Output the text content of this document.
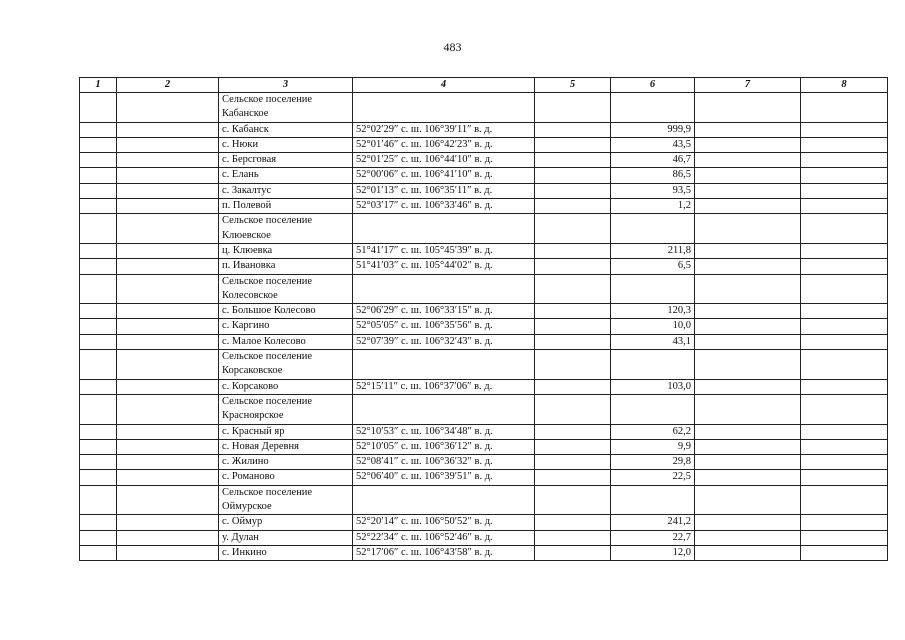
483
1	2	3	4	5	6	7	8
		Сельское поселение Кабанское					
		с. Кабанск	52°02′29″ с. ш. 106°39′11″ в. д.		999,9		
		с. Нюки	52°01′46″ с. ш. 106°42′23″ в. д.		43,5		
		с. Берсговая	52°01′25″ с. ш. 106°44′10″ в. д.		46,7		
		с. Елань	52°00′06″ с. ш. 106°41′10″ в. д.		86,5		
		с. Закалтус	52°01′13″ с. ш. 106°35′11″ в. д.		93,5		
		п. Полевой	52°03′17″ с. ш. 106°33′46″ в. д.		1,2		
		Сельское поселение Клюевское					
		ц. Клюевка	51°41′17″ с. ш. 105°45′39″ в. д.		211,8		
		п. Ивановка	51°41′03″ с. ш. 105°44′02″ в. д.		6,5		
		Сельское поселение Колесовское					
		с. Большое Колесово	52°06′29″ с. ш. 106°33′15″ в. д.		120,3		
		с. Каргино	52°05′05″ с. ш. 106°35′56″ в. д.		10,0		
		с. Малое Колесово	52°07′39″ с. ш. 106°32′43″ в. д.		43,1		
		Сельское поселение Корсаковское					
		с. Корсаково	52°15′11″ с. ш. 106°37′06″ в. д.		103,0		
		Сельское поселение Красноярское					
		с. Красный яр	52°10′53″ с. ш. 106°34′48″ в. д.		62,2		
		с. Новая Деревня	52°10′05″ с. ш. 106°36′12″ в. д.		9,9		
		с. Жилино	52°08′41″ с. ш. 106°36′32″ в. д.		29,8		
		с. Романово	52°06′40″ с. ш. 106°39′51″ в. д.		22,5		
		Сельское поселение Оймурское					
		с. Оймур	52°20′14″ с. ш. 106°50′52″ в. д.		241,2		
		у. Дулан	52°22′34″ с. ш. 106°52′46″ в. д.		22,7		
		с. Инкино	52°17′06″ с. ш. 106°43′58″ в. д.		12,0		
